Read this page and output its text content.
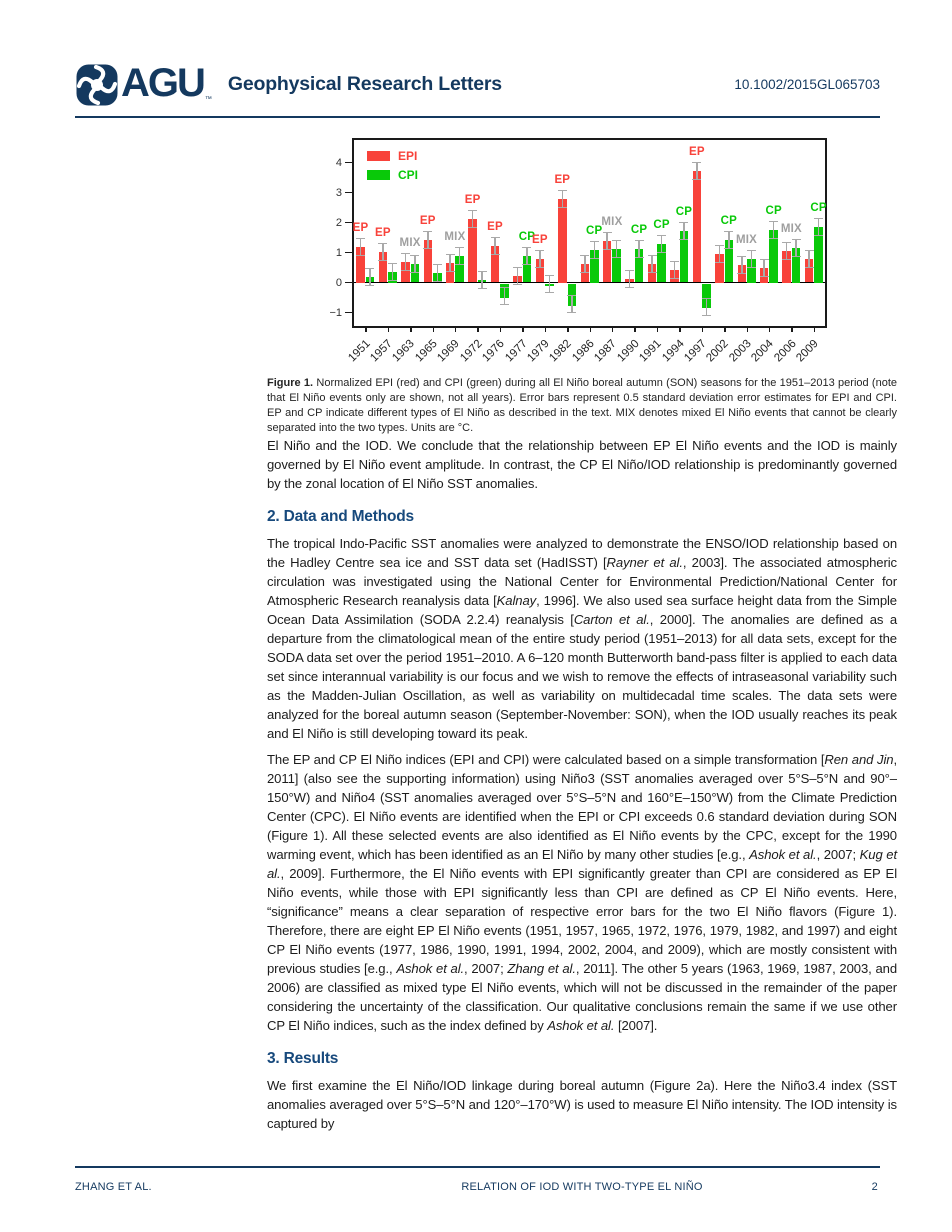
AGU ™
Geophysical Research Letters	10.1002/2015GL065703
EP EP
MIX
EP
MIX
EP
EP
CP
EP
EP
CP
MIX
CP CP
CP
EP
CP
MIX
CP
MIX
CP
EPI
CPI
1951
1957
1963
1965
1969
1972
1976
1977
1979
1982
1986
1987
1990
1991
1994
1997
2002
2003
2004
2006
2009
4
3
2
1
0
−1
Figure 1. Normalized EPI (red) and CPI (green) during all El Niño boreal autumn (SON) seasons for the 1951–2013 period (note that El Niño events only are shown, not all years). Error bars represent 0.5 standard deviation error estimates for EPI and CPI. EP and CP indicate different types of El Niño as described in the text. MIX denotes mixed El Niño events that cannot be clearly separated into the two types. Units are °C.

El Niño and the IOD. We conclude that the relationship between EP El Niño events and the IOD is mainly governed by El Niño event amplitude. In contrast, the CP El Niño/IOD relationship is predominantly governed by the zonal location of El Niño SST anomalies.

2. Data and Methods

The tropical Indo-Pacific SST anomalies were analyzed to demonstrate the ENSO/IOD relationship based on the Hadley Centre sea ice and SST data set (HadISST) [Rayner et al., 2003]. The associated atmospheric circulation was investigated using the National Center for Environmental Prediction/National Center for Atmospheric Research reanalysis data [Kalnay, 1996]. We also used sea surface height data from the Simple Ocean Data Assimilation (SODA 2.2.4) reanalysis [Carton et al., 2000]. The anomalies are defined as a departure from the climatological mean of the entire study period (1951–2013) for all data sets, except for the SODA data set over the period 1951–2010. A 6–120 month Butterworth band-pass filter is applied to each data set since interannual variability is our focus and we wish to remove the effects of intraseasonal variability such as the Madden-Julian Oscillation, as well as variability on multidecadal time scales. The data sets were analyzed for the boreal autumn season (September-November: SON), when the IOD usually reaches its peak and El Niño is still developing toward its peak.

The EP and CP El Niño indices (EPI and CPI) were calculated based on a simple transformation [Ren and Jin, 2011] (also see the supporting information) using Niño3 (SST anomalies averaged over 5°S–5°N and 90°–150°W) and Niño4 (SST anomalies averaged over 5°S–5°N and 160°E–150°W) from the Climate Prediction Center (CPC). El Niño events are identified when the EPI or CPI exceeds 0.6 standard deviation during SON (Figure 1). All these selected events are also identified as El Niño events by the CPC, except for the 1990 warming event, which has been identified as an El Niño by many other studies [e.g., Ashok et al., 2007; Kug et al., 2009]. Furthermore, the El Niño events with EPI significantly greater than CPI are considered as EP El Niño events, while those with EPI significantly less than CPI are defined as CP El Niño events. Here, “significance” means a clear separation of respective error bars for the two El Niño flavors (Figure 1). Therefore, there are eight EP El Niño events (1951, 1957, 1965, 1972, 1976, 1979, 1982, and 1997) and eight CP El Niño events (1977, 1986, 1990, 1991, 1994, 2002, 2004, and 2009), which are mostly consistent with previous studies [e.g., Ashok et al., 2007; Zhang et al., 2011]. The other 5 years (1963, 1969, 1987, 2003, and 2006) are classified as mixed type El Niño events, which will not be discussed in the remainder of the paper considering the uncertainty of the classification. Our qualitative conclusions remain the same if we use other CP El Niño indices, such as the index defined by Ashok et al. [2007].

3. Results

We first examine the El Niño/IOD linkage during boreal autumn (Figure 2a). Here the Niño3.4 index (SST anomalies averaged over 5°S–5°N and 120°–170°W) is used to measure El Niño intensity. The IOD intensity is captured by

ZHANG ET AL.	RELATION OF IOD WITH TWO-TYPE EL NIÑO	2
